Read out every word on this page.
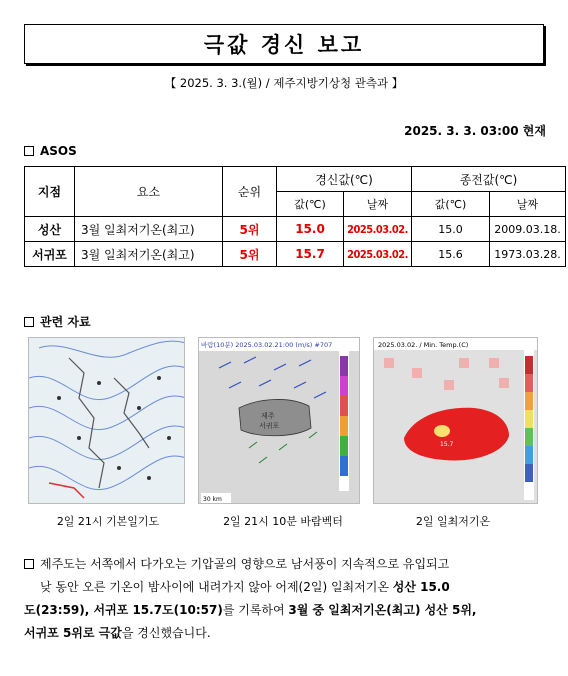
극값 경신 보고
【 2025. 3. 3.(월) / 제주지방기상청 관측과 】
2025. 3. 3. 03:00 현재
ASOS
지점	요소	순위	경신값(℃)		종전값(℃)	
			값(℃)	날짜	값(℃)	날짜
성산	3월 일최저기온(최고)	5위	15.0	2025.03.02.	15.0	2009.03.18.
서귀포	3월 일최저기온(최고)	5위	15.7	2025.03.02.	15.6	1973.03.28.
관련 자료
바람(10분) 2025.03.02.21:00 (m/s) #707
제주
서귀포
30 km
2025.03.02. / Min. Temp.(C)
15.7
2일 21시 기본일기도	2일 21시 10분 바람벡터	2일 일최저기온
제주도는 서쪽에서 다가오는 기압골의 영향으로 남서풍이 지속적으로 유입되고
낮 동안 오른 기온이 밤사이에 내려가지 않아 어제(2일) 일최저기온 성산 15.0
도(23:59), 서귀포 15.7도(10:57)를 기록하여 3월 중 일최저기온(최고) 성산 5위,
서귀포 5위로 극값을 경신했습니다.
